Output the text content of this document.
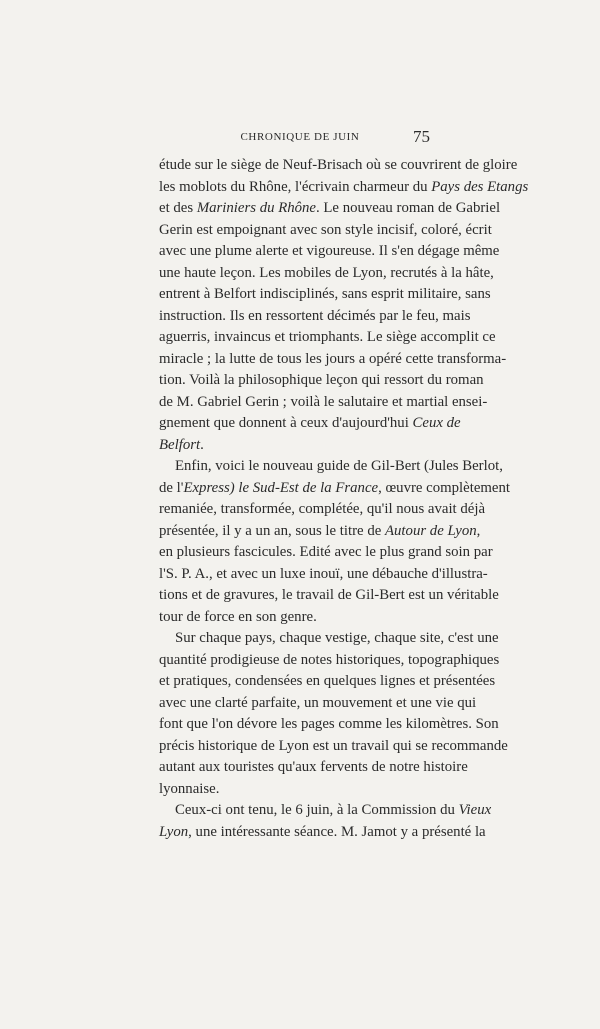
CHRONIQUE DE JUIN	75
étude sur le siège de Neuf-Brisach où se couvrirent de gloire
les moblots du Rhône, l'écrivain charmeur du Pays des Etangs
et des Mariniers du Rhône. Le nouveau roman de Gabriel
Gerin est empoignant avec son style incisif, coloré, écrit
avec une plume alerte et vigoureuse. Il s'en dégage même
une haute leçon. Les mobiles de Lyon, recrutés à la hâte,
entrent à Belfort indisciplinés, sans esprit militaire, sans
instruction. Ils en ressortent décimés par le feu, mais
aguerris, invaincus et triomphants. Le siège accomplit ce
miracle ; la lutte de tous les jours a opéré cette transforma-
tion. Voilà la philosophique leçon qui ressort du roman
de M. Gabriel Gerin ; voilà le salutaire et martial ensei-
gnement que donnent à ceux d'aujourd'hui Ceux de
Belfort.
Enfin, voici le nouveau guide de Gil-Bert (Jules Berlot,
de l'Express) le Sud-Est de la France, œuvre complètement
remaniée, transformée, complétée, qu'il nous avait déjà
présentée, il y a un an, sous le titre de Autour de Lyon,
en plusieurs fascicules. Edité avec le plus grand soin par
l'S. P. A., et avec un luxe inouï, une débauche d'illustra-
tions et de gravures, le travail de Gil-Bert est un véritable
tour de force en son genre.
Sur chaque pays, chaque vestige, chaque site, c'est une
quantité prodigieuse de notes historiques, topographiques
et pratiques, condensées en quelques lignes et présentées
avec une clarté parfaite, un mouvement et une vie qui
font que l'on dévore les pages comme les kilomètres. Son
précis historique de Lyon est un travail qui se recommande
autant aux touristes qu'aux fervents de notre histoire
lyonnaise.
Ceux-ci ont tenu, le 6 juin, à la Commission du Vieux
Lyon, une intéressante séance. M. Jamot y a présenté la
